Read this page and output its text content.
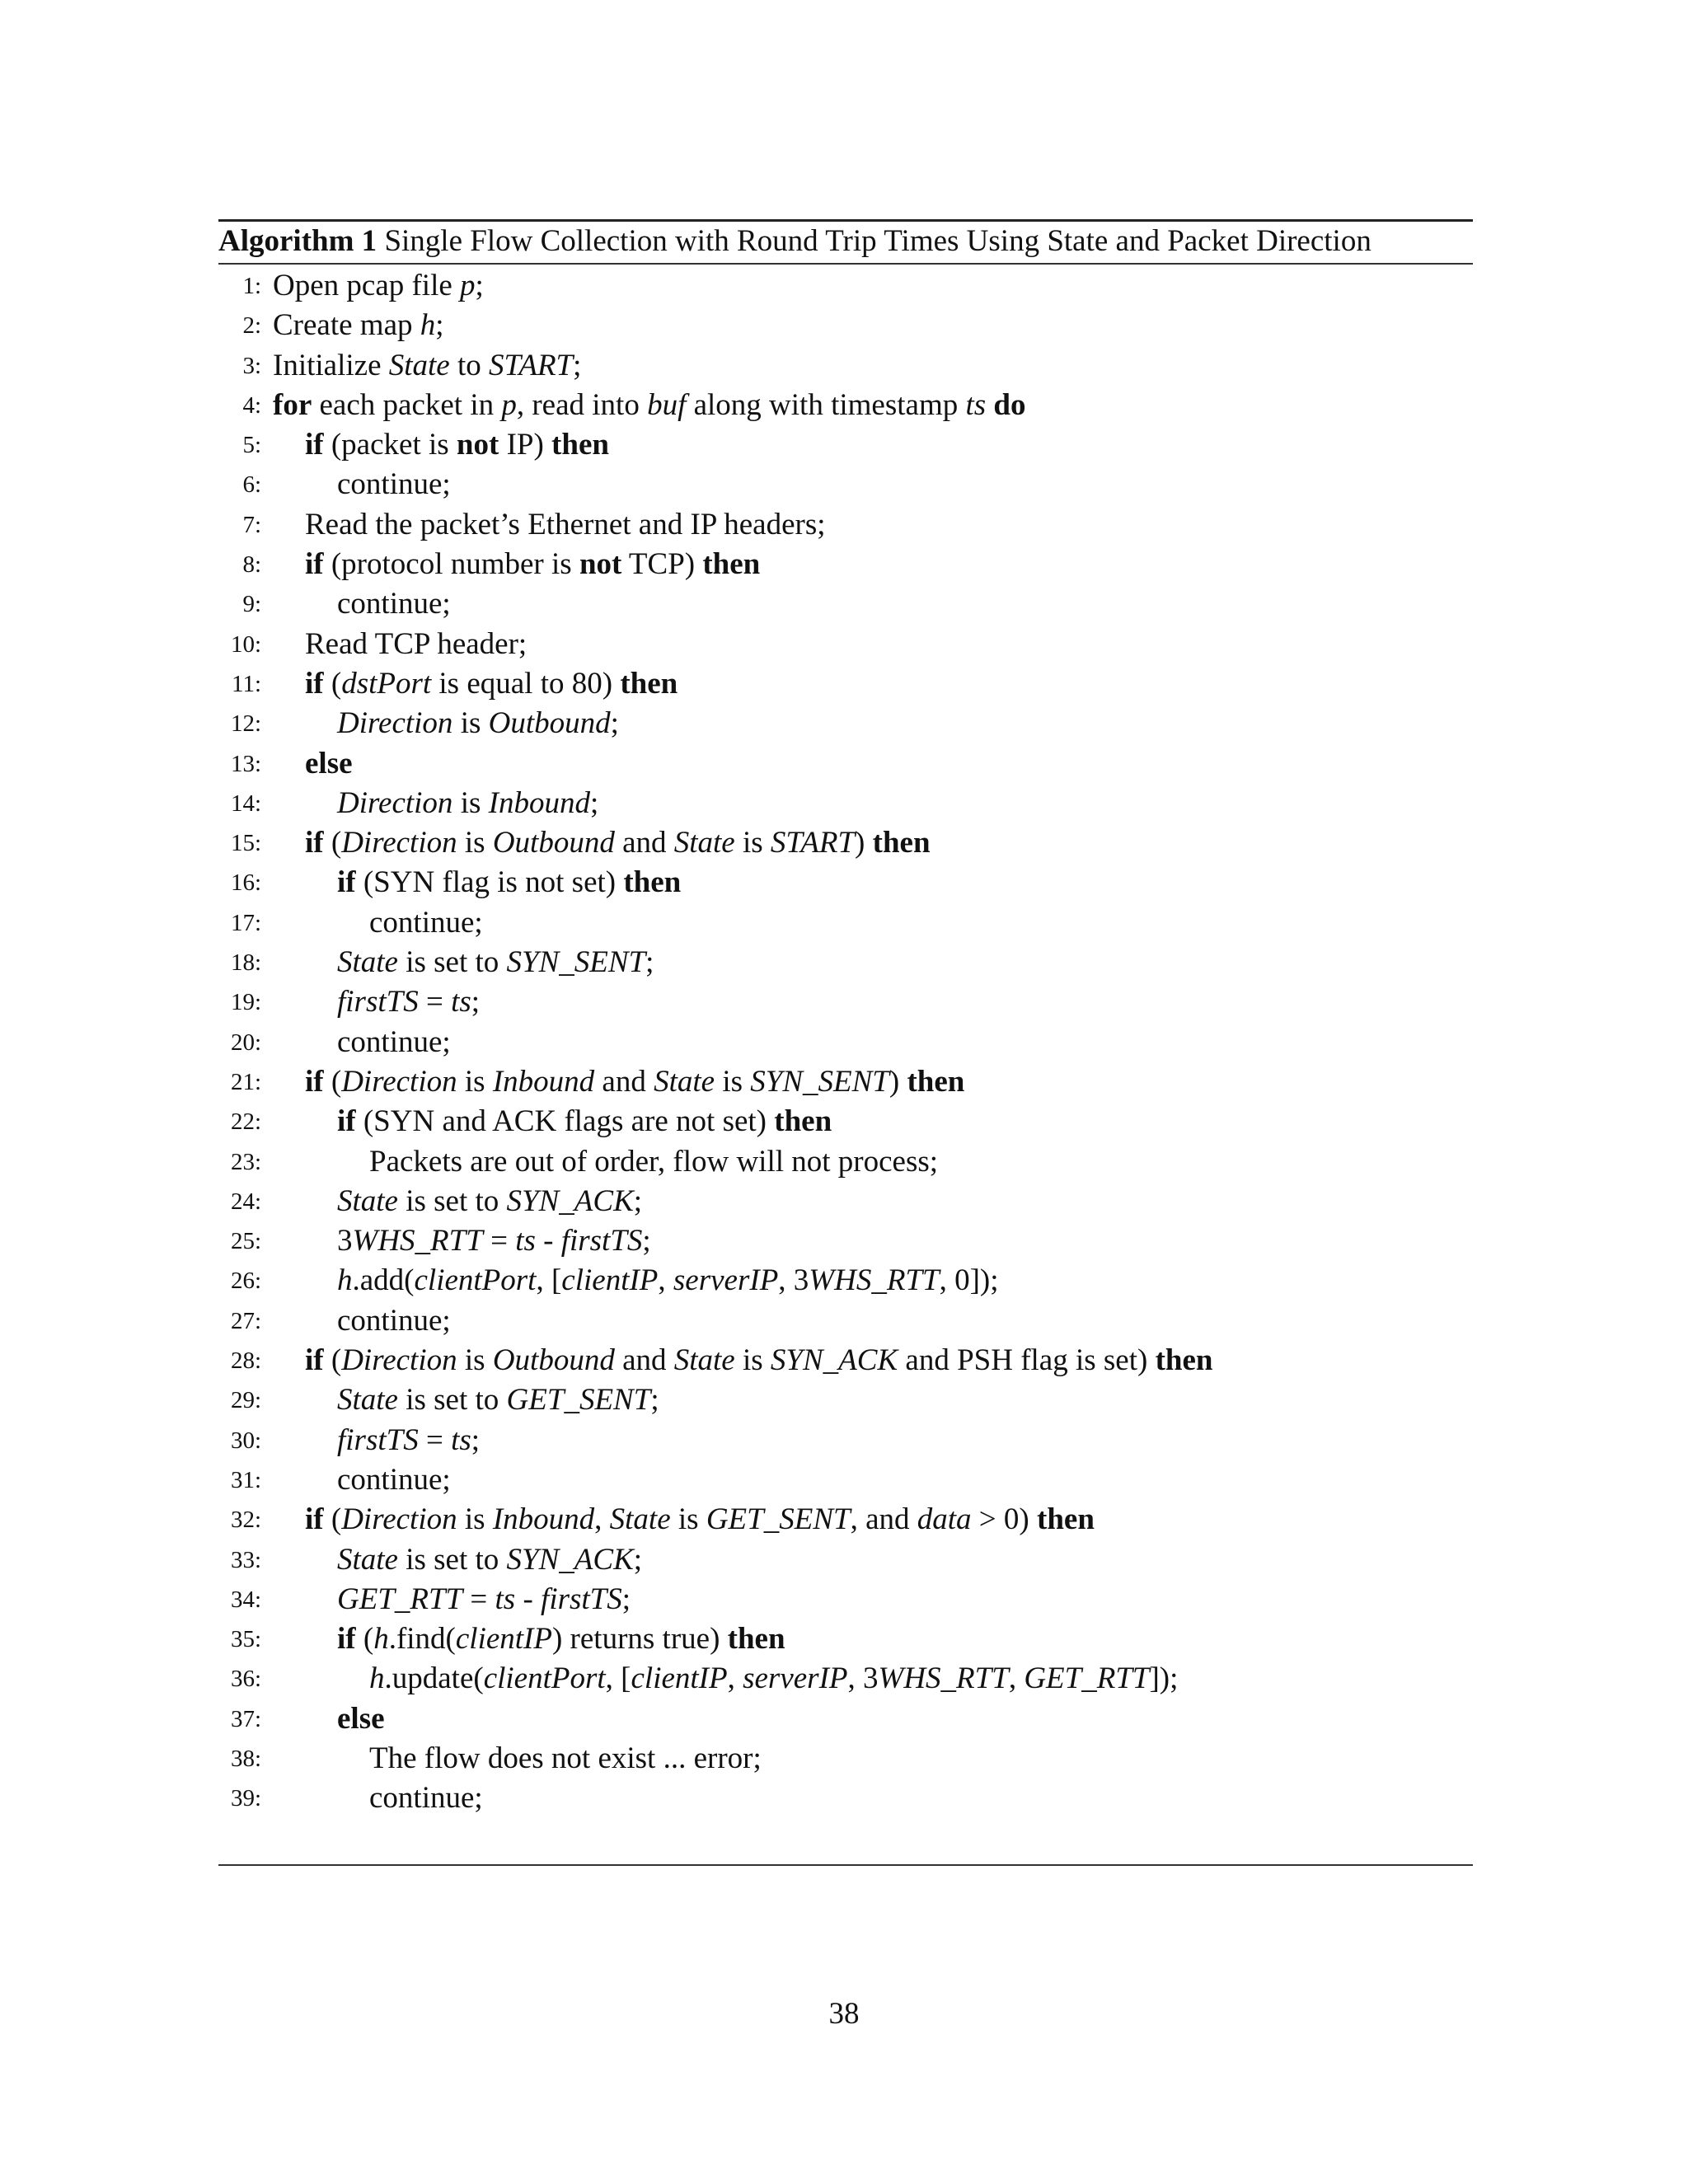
Algorithm 1 Single Flow Collection with Round Trip Times Using State and Packet Direction
1: Open pcap file p;
2: Create map h;
3: Initialize State to START;
4: for each packet in p, read into buf along with timestamp ts do
5: if (packet is not IP) then
6: continue;
7: Read the packet’s Ethernet and IP headers;
8: if (protocol number is not TCP) then
9: continue;
10: Read TCP header;
11: if (dstPort is equal to 80) then
12: Direction is Outbound;
13: else
14: Direction is Inbound;
15: if (Direction is Outbound and State is START) then
16: if (SYN flag is not set) then
17:	continue;
18: State is set to SYN_SENT;
19: firstTS = ts;
20: continue;
21: if (Direction is Inbound and State is SYN_SENT) then
22: if (SYN and ACK flags are not set) then
23:	Packets are out of order, flow will not process;
24: State is set to SYN_ACK;
25: 3WHS_RTT = ts - firstTS;
26: h.add(clientPort, [clientIP, serverIP, 3WHS_RTT, 0]);
27: continue;
28: if (Direction is Outbound and State is SYN_ACK and PSH flag is set) then
29: State is set to GET_SENT;
30: firstTS = ts;
31: continue;
32: if (Direction is Inbound, State is GET_SENT, and data > 0) then
33: State is set to SYN_ACK;
34: GET_RTT = ts - firstTS;
35: if (h.find(clientIP) returns true) then
36:	h.update(clientPort, [clientIP, serverIP, 3WHS_RTT, GET_RTT]);
37: else
38:	The flow does not exist ... error;
39:	continue;
38
